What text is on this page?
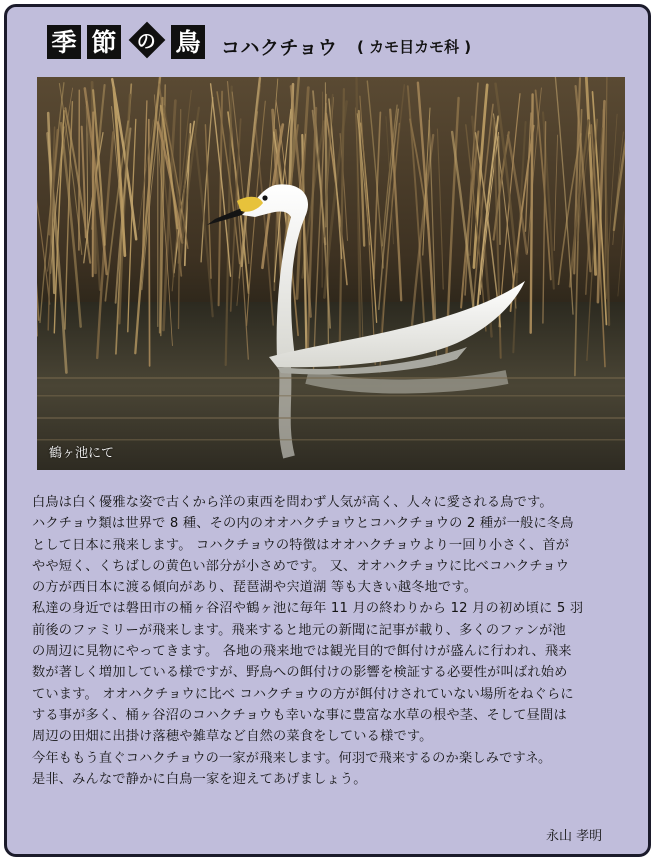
季 節 の 鳥 コハクチョウ ( カモ目カモ科 )
鶴ヶ池にて

白鳥は白く優雅な姿で古くから洋の東西を問わず人気が高く、人々に愛される鳥です。

ハクチョウ類は世界で 8 種、その内のオオハクチョウとコハクチョウの 2 種が一般に冬鳥

として日本に飛来します。 コハクチョウの特徴はオオハクチョウより一回り小さく、首が

やや短く、くちばしの黄色い部分が小さめです。 又、オオハクチョウに比べコハクチョウ

の方が西日本に渡る傾向があり、琵琶湖や宍道湖 等も大きい越冬地です。

私達の身近では磐田市の桶ヶ谷沼や鶴ヶ池に毎年 11 月の終わりから 12 月の初め頃に 5 羽

前後のファミリーが飛来します。飛来すると地元の新聞に記事が載り、多くのファンが池

の周辺に見物にやってきます。 各地の飛来地では観光目的で餌付けが盛んに行われ、飛来

数が著しく増加している様ですが、野鳥への餌付けの影響を検証する必要性が叫ばれ始め

ています。 オオハクチョウに比べ コハクチョウの方が餌付けされていない場所をねぐらに

する事が多く、桶ヶ谷沼のコハクチョウも幸いな事に豊富な水草の根や茎、そして昼間は

周辺の田畑に出掛け落穂や雑草など自然の菜食をしている様です。

今年ももう直ぐコハクチョウの一家が飛来します。何羽で飛来するのか楽しみですネ。

是非、みんなで静かに白鳥一家を迎えてあげましょう。

永山 孝明
